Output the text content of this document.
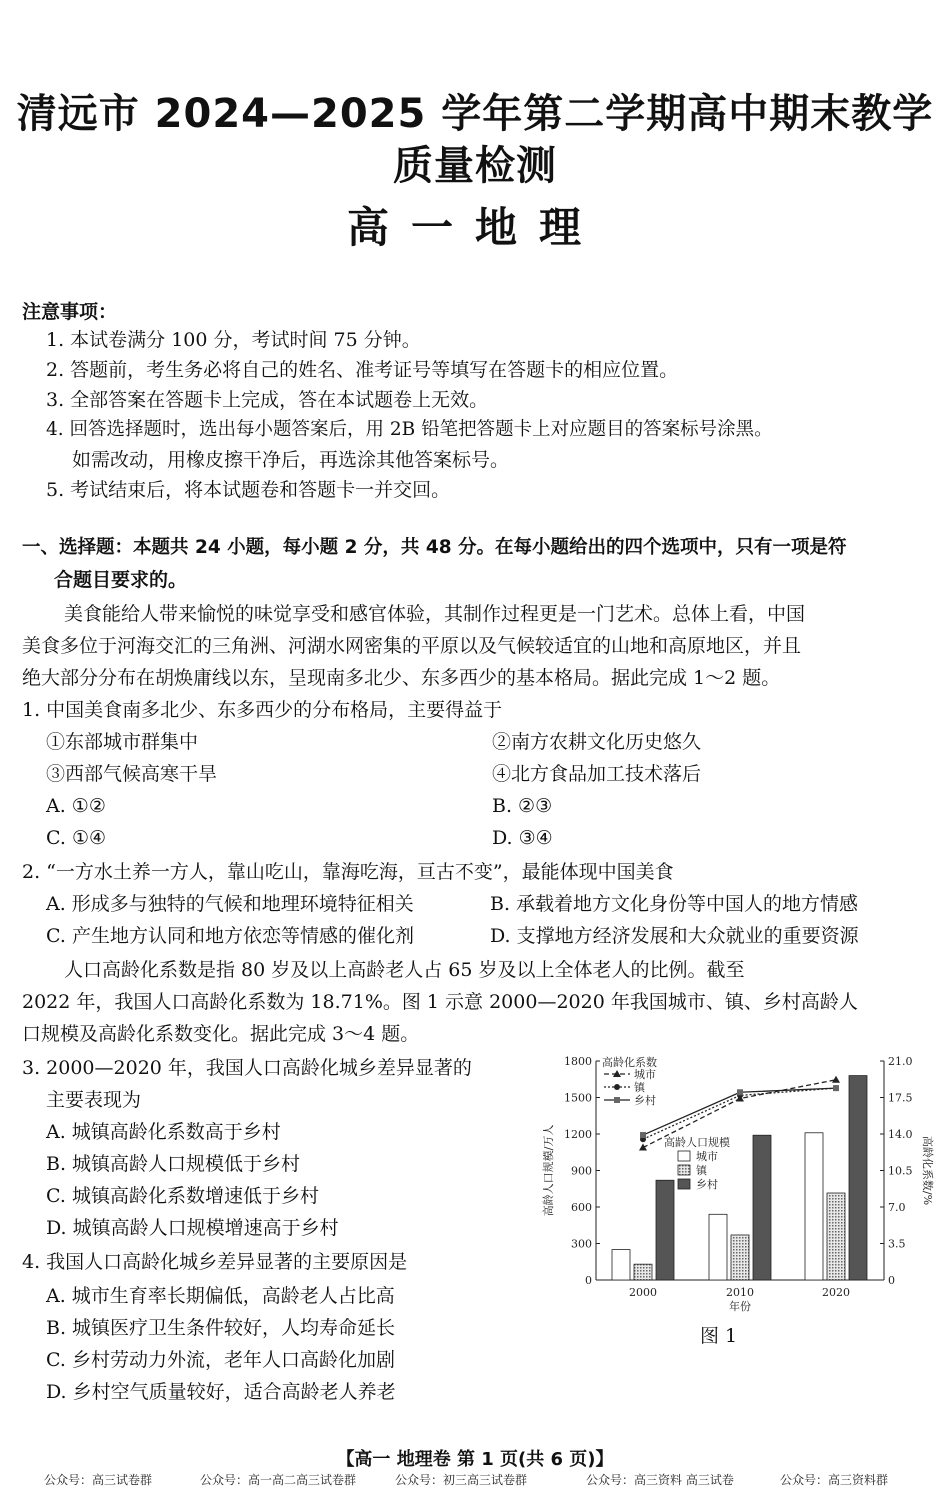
清远市 2024—2025 学年第二学期高中期末教学质量检测
高一地理
注意事项：
1. 本试卷满分 100 分，考试时间 75 分钟。
2. 答题前，考生务必将自己的姓名、准考证号等填写在答题卡的相应位置。
3. 全部答案在答题卡上完成，答在本试题卷上无效。
4. 回答选择题时，选出每小题答案后，用 2B 铅笔把答题卡上对应题目的答案标号涂黑。
如需改动，用橡皮擦干净后，再选涂其他答案标号。
5. 考试结束后，将本试题卷和答题卡一并交回。
一、选择题：本题共 24 小题，每小题 2 分，共 48 分。在每小题给出的四个选项中，只有一项是符
合题目要求的。
美食能给人带来愉悦的味觉享受和感官体验，其制作过程更是一门艺术。总体上看，中国
美食多位于河海交汇的三角洲、河湖水网密集的平原以及气候较适宜的山地和高原地区，并且
绝大部分分布在胡焕庸线以东，呈现南多北少、东多西少的基本格局。据此完成 1～2 题。
1. 中国美食南多北少、东多西少的分布格局，主要得益于
①东部城市群集中	②南方农耕文化历史悠久
③西部气候高寒干旱	④北方食品加工技术落后
A. ①②	B. ②③
C. ①④	D. ③④
2. “一方水土养一方人，靠山吃山，靠海吃海，亘古不变”，最能体现中国美食
A. 形成多与独特的气候和地理环境特征相关	B. 承载着地方文化身份等中国人的地方情感
C. 产生地方认同和地方依恋等情感的催化剂	D. 支撑地方经济发展和大众就业的重要资源
人口高龄化系数是指 80 岁及以上高龄老人占 65 岁及以上全体老人的比例。截至
2022 年，我国人口高龄化系数为 18.71%。图 1 示意 2000—2020 年我国城市、镇、乡村高龄人
口规模及高龄化系数变化。据此完成 3～4 题。
3. 2000—2020 年，我国人口高龄化城乡差异显著的
主要表现为
A. 城镇高龄化系数高于乡村
B. 城镇高龄人口规模低于乡村
C. 城镇高龄化系数增速低于乡村
D. 城镇高龄人口规模增速高于乡村
4. 我国人口高龄化城乡差异显著的主要原因是
A. 城市生育率长期偏低，高龄老人占比高
B. 城镇医疗卫生条件较好，人均寿命延长
C. 乡村劳动力外流，老年人口高龄化加剧
D. 乡村空气质量较好，适合高龄老人养老
0
300
600
900
1200
1500
1800
0
3.5
7.0
10.5
14.0
17.5
21.0
高龄人口规模/万人	高龄化系数/%
年份
2000	2010	2020
高龄化系数
城市
镇
乡村
高龄人口规模
城市
镇
乡村
图 1
【高一 地理卷 第 1 页(共 6 页)】
公众号：高三试卷群	公众号：高一高二高三试卷群	公众号：初三高三试卷群	公众号：高三资料 高三试卷	公众号：高三资料群
